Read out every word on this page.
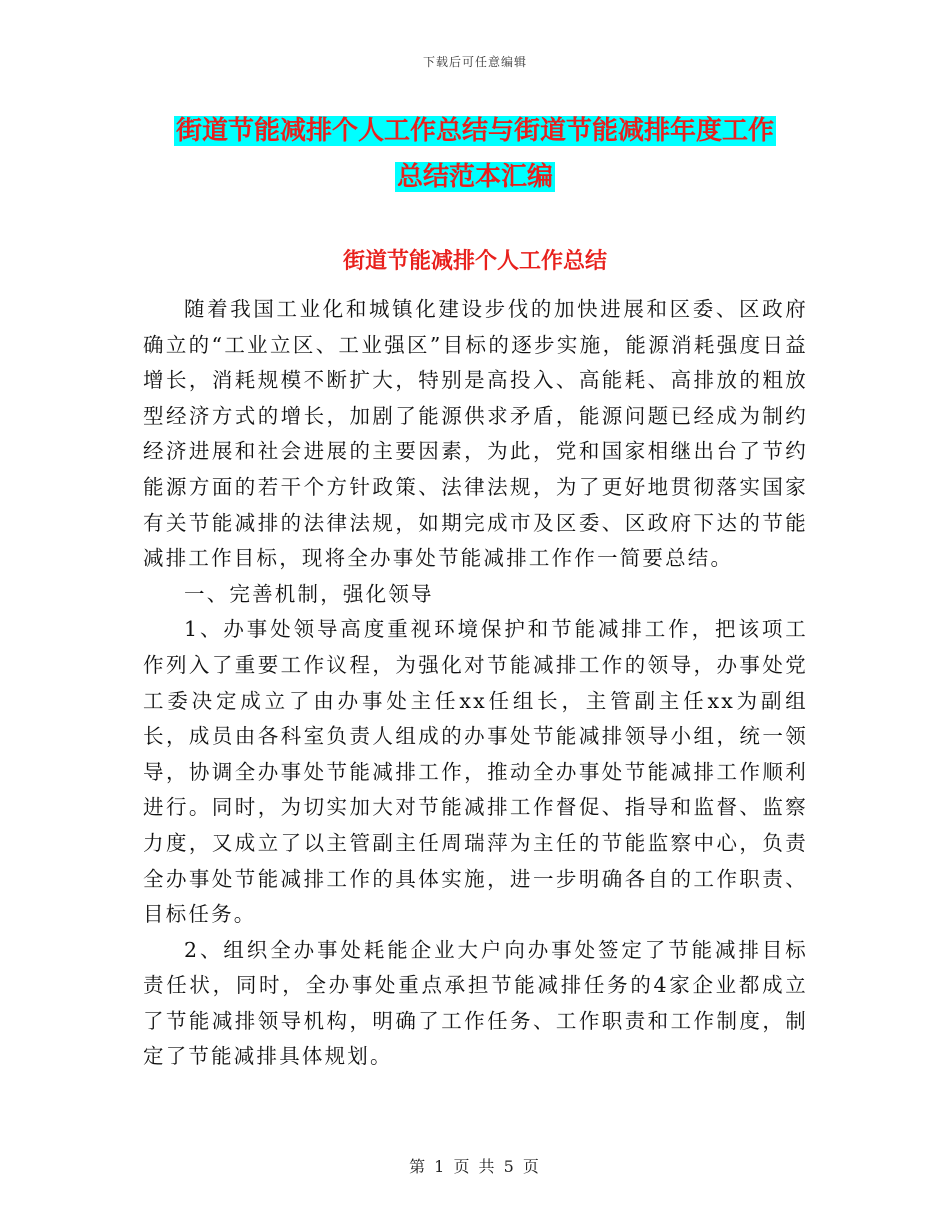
下载后可任意编辑
街道节能减排个人工作总结与街道节能减排年度工作
总结范本汇编
街道节能减排个人工作总结

随着我国工业化和城镇化建设步伐的加快进展和区委、区政府确立的“工业立区、工业强区”目标的逐步实施，能源消耗强度日益增长，消耗规模不断扩大，特别是高投入、高能耗、高排放的粗放型经济方式的增长，加剧了能源供求矛盾，能源问题已经成为制约经济进展和社会进展的主要因素，为此，党和国家相继出台了节约能源方面的若干个方针政策、法律法规，为了更好地贯彻落实国家有关节能减排的法律法规，如期完成市及区委、区政府下达的节能减排工作目标，现将全办事处节能减排工作作一简要总结。

一、完善机制，强化领导

1、办事处领导高度重视环境保护和节能减排工作，把该项工作列入了重要工作议程，为强化对节能减排工作的领导，办事处党工委决定成立了由办事处主任xx任组长，主管副主任xx为副组长，成员由各科室负责人组成的办事处节能减排领导小组，统一领导，协调全办事处节能减排工作，推动全办事处节能减排工作顺利进行。同时，为切实加大对节能减排工作督促、指导和监督、监察力度，又成立了以主管副主任周瑞萍为主任的节能监察中心，负责全办事处节能减排工作的具体实施，进一步明确各自的工作职责、目标任务。

2、组织全办事处耗能企业大户向办事处签定了节能减排目标责任状，同时，全办事处重点承担节能减排任务的4家企业都成立了节能减排领导机构，明确了工作任务、工作职责和工作制度，制定了节能减排具体规划。

第 1 页 共 5 页
